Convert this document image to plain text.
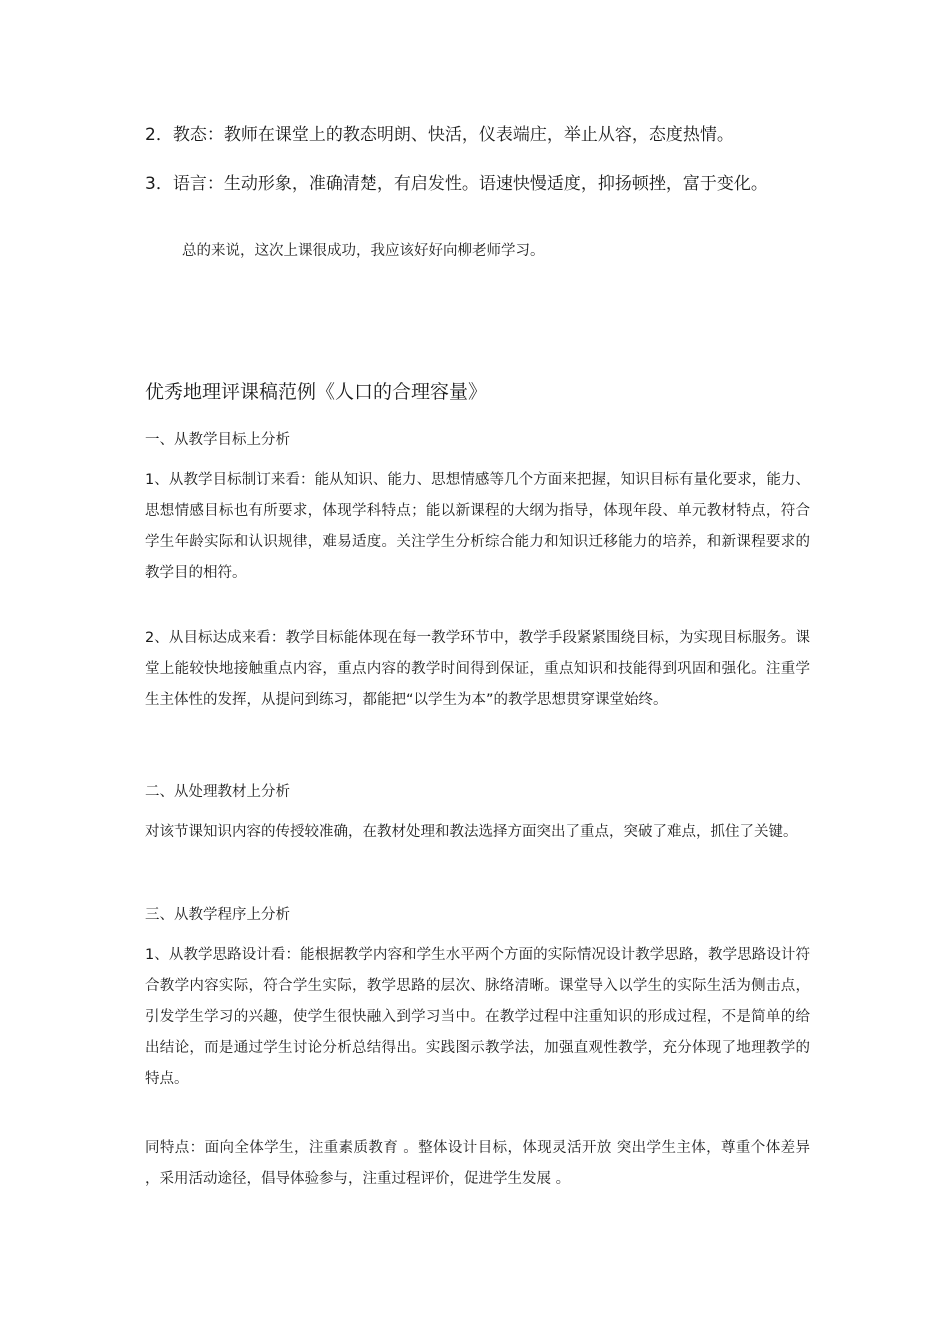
2．教态：教师在课堂上的教态明朗、快活，仪表端庄，举止从容，态度热情。

3．语言：生动形象，准确清楚，有启发性。语速快慢适度，抑扬顿挫，富于变化。

总的来说，这次上课很成功，我应该好好向柳老师学习。

优秀地理评课稿范例《人口的合理容量》

一、从教学目标上分析

1、从教学目标制订来看：能从知识、能力、思想情感等几个方面来把握，知识目标有量化要求，能力、思想情感目标也有所要求，体现学科特点；能以新课程的大纲为指导，体现年段、单元教材特点，符合学生年龄实际和认识规律，难易适度。关注学生分析综合能力和知识迁移能力的培养，和新课程要求的教学目的相符。

2、从目标达成来看：教学目标能体现在每一教学环节中，教学手段紧紧围绕目标，为实现目标服务。课堂上能较快地接触重点内容，重点内容的教学时间得到保证，重点知识和技能得到巩固和强化。注重学生主体性的发挥，从提问到练习，都能把“以学生为本”的教学思想贯穿课堂始终。

二、从处理教材上分析

对该节课知识内容的传授较准确，在教材处理和教法选择方面突出了重点，突破了难点，抓住了关键。

三、从教学程序上分析

1、从教学思路设计看：能根据教学内容和学生水平两个方面的实际情况设计教学思路，教学思路设计符合教学内容实际，符合学生实际，教学思路的层次、脉络清晰。课堂导入以学生的实际生活为侧击点，引发学生学习的兴趣，使学生很快融入到学习当中。在教学过程中注重知识的形成过程，不是简单的给出结论，而是通过学生讨论分析总结得出。实践图示教学法，加强直观性教学，充分体现了地理教学的特点。

同特点：面向全体学生，注重素质教育 。整体设计目标，体现灵活开放 突出学生主体，尊重个体差异 ，采用活动途径，倡导体验参与，注重过程评价，促进学生发展 。
